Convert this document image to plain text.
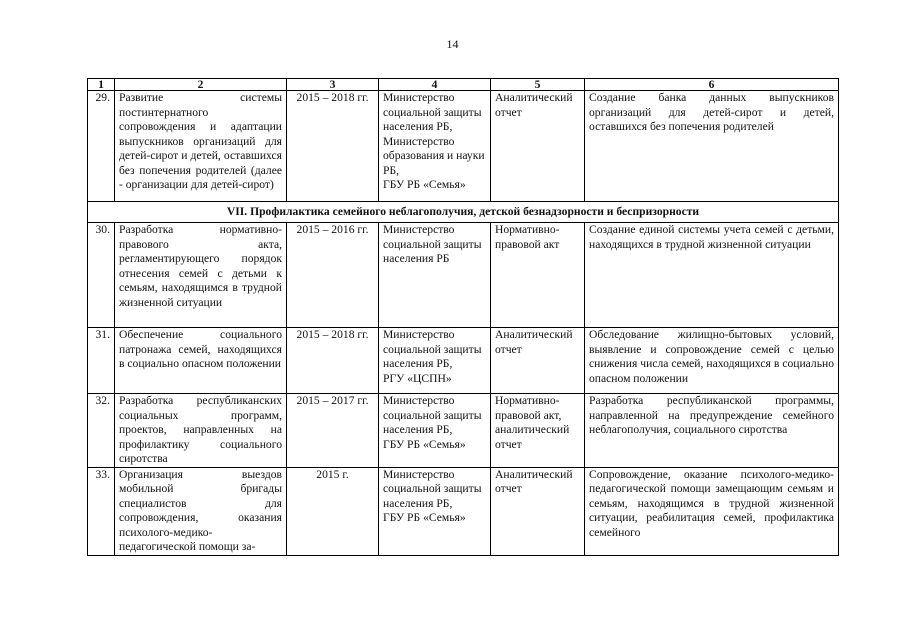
14
1	2	3	4	5	6
29.	Развитие системы постинтернатного сопровождения и адаптации выпускников организаций для детей-сирот и детей, оставшихся без попечения родителей (далее - организации для детей-сирот)	2015 – 2018 гг.	Министерство социальной защиты населения РБ,
Министерство образования и науки РБ,
ГБУ РБ «Семья»	Аналитический отчет	Создание банка данных выпускников организаций для детей-сирот и детей, оставшихся без попечения родителей
VII. Профилактика семейного неблагополучия, детской безнадзорности и беспризорности					
30.	Разработка нормативно-правового акта, регламентирующего порядок отнесения семей с детьми к семьям, находящимся в трудной жизненной ситуации	2015 – 2016 гг.	Министерство социальной защиты населения РБ	Нормативно-правовой акт	Создание единой системы учета семей с детьми, находящихся в трудной жизненной ситуации
31.	Обеспечение социального патронажа семей, находящихся в социально опасном положении	2015 – 2018 гг.	Министерство социальной защиты населения РБ,
РГУ «ЦСПН»	Аналитический отчет	Обследование жилищно-бытовых условий, выявление и сопровождение семей с целью снижения числа семей, находящихся в социально опасном положении
32.	Разработка республиканских социальных программ, проектов, направленных на профилактику социального сиротства	2015 – 2017 гг.	Министерство социальной защиты населения РБ,
ГБУ РБ «Семья»	Нормативно-правовой акт, аналитический отчет	Разработка республиканской программы, направленной на предупреждение семейного неблагополучия, социального сиротства
33.	Организация выездов мобильной бригады специалистов для сопровождения, оказания психолого-медико-педагогической помощи за-	2015 г.	Министерство социальной защиты населения РБ,
ГБУ РБ «Семья»	Аналитический отчет	Сопровождение, оказание психолого-медико-педагогической помощи замещающим семьям и семьям, находящимся в трудной жизненной ситуации, реабилитация семей, профилактика семейного
